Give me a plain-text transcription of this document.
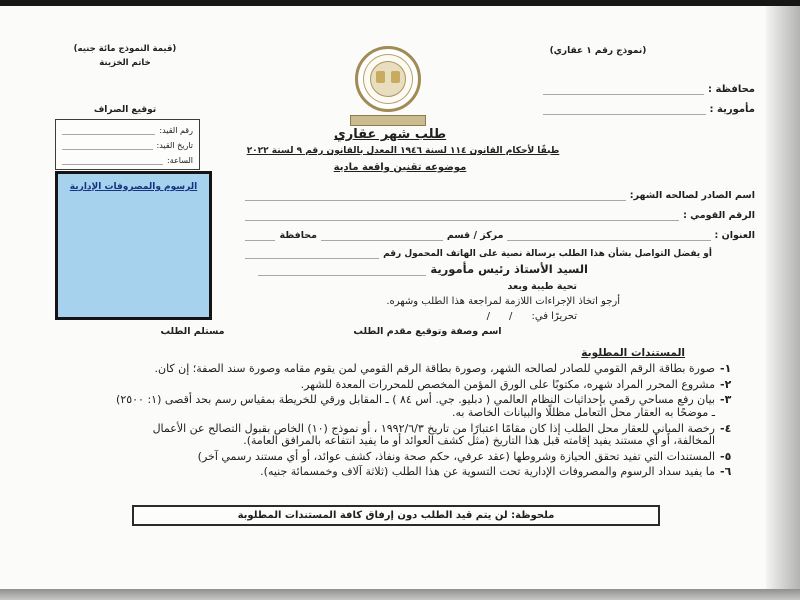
(قيمة النموذج مائة جنيه)
خاتم الخزينة
توقيع الصراف
رقم القيد:
تاريخ القيد:
الساعة:
الرسوم والمصروفات الإدارية
(نموذج رقم ١ عقاري)
محافظة :
مأمورية :
طلب شهر عقاري
طبقًا لأحكام القانون ١١٤ لسنة ١٩٤٦ المعدل بالقانون رقم ٩ لسنة ٢٠٢٢
موضوعه تقنين واقعة مادية
اسم الصادر لصالحه الشهر:
الرقم القومي :
العنوان :
مركز / قسم
محافظة
أو يفضل التواصل بشأن هذا الطلب برسالة نصية على الهاتف المحمول رقم
السيد الأستاذ رئيس مأمورية
تحية طيبة وبعد
أرجو اتخاذ الإجراءات اللازمة لمراجعة هذا الطلب وشهره.
تحريرًا في:      /      /
اسم وصفة وتوقيع مقدم الطلب
مستلم الطلب
المستندات المطلوبة
١-
صورة بطاقة الرقم القومي للصادر لصالحه الشهر، وصورة بطاقة الرقم القومي لمن يقوم مقامه وصورة سند الصفة؛ إن كان.
٢-
مشروع المحرر المراد شهره، مكتوبًا على الورق المؤمن المخصص للمحررات المعدة للشهر.
٣-
بيان رفع مساحي رقمي بإحداثيات النظام العالمي ( دبليو. جي. أس ٨٤ ) ـ المقابل ورقي للخريطة بمقياس رسم بحد أقصى (١: ٢٥٠٠) ـ موضحًا به العقار محل التعامل مظللًا والبيانات الخاصة به.
٤-
رخصة المباني للعقار محل الطلب إذا كان مقامًا اعتبارًا من تاريخ ١٩٩٢/٦/٣ ، أو نموذج (١٠) الخاص بقبول التصالح عن الأعمال المخالفة، أو أي مستند يفيد إقامته قبل هذا التاريخ (مثل كشف العوائد أو ما يفيد انتفاعه بالمرافق العامة).
٥-
المستندات التي تفيد تحقق الحيازة وشروطها (عقد عرفي، حكم صحة ونفاذ، كشف عوائد، أو أي مستند رسمي آخر)
٦-
ما يفيد سداد الرسوم والمصروفات الإدارية تحت التسوية عن هذا الطلب (ثلاثة آلاف وخمسمائة جنيه).
ملحوظة: لن يتم قيد الطلب دون إرفاق كافة المستندات المطلوبة
